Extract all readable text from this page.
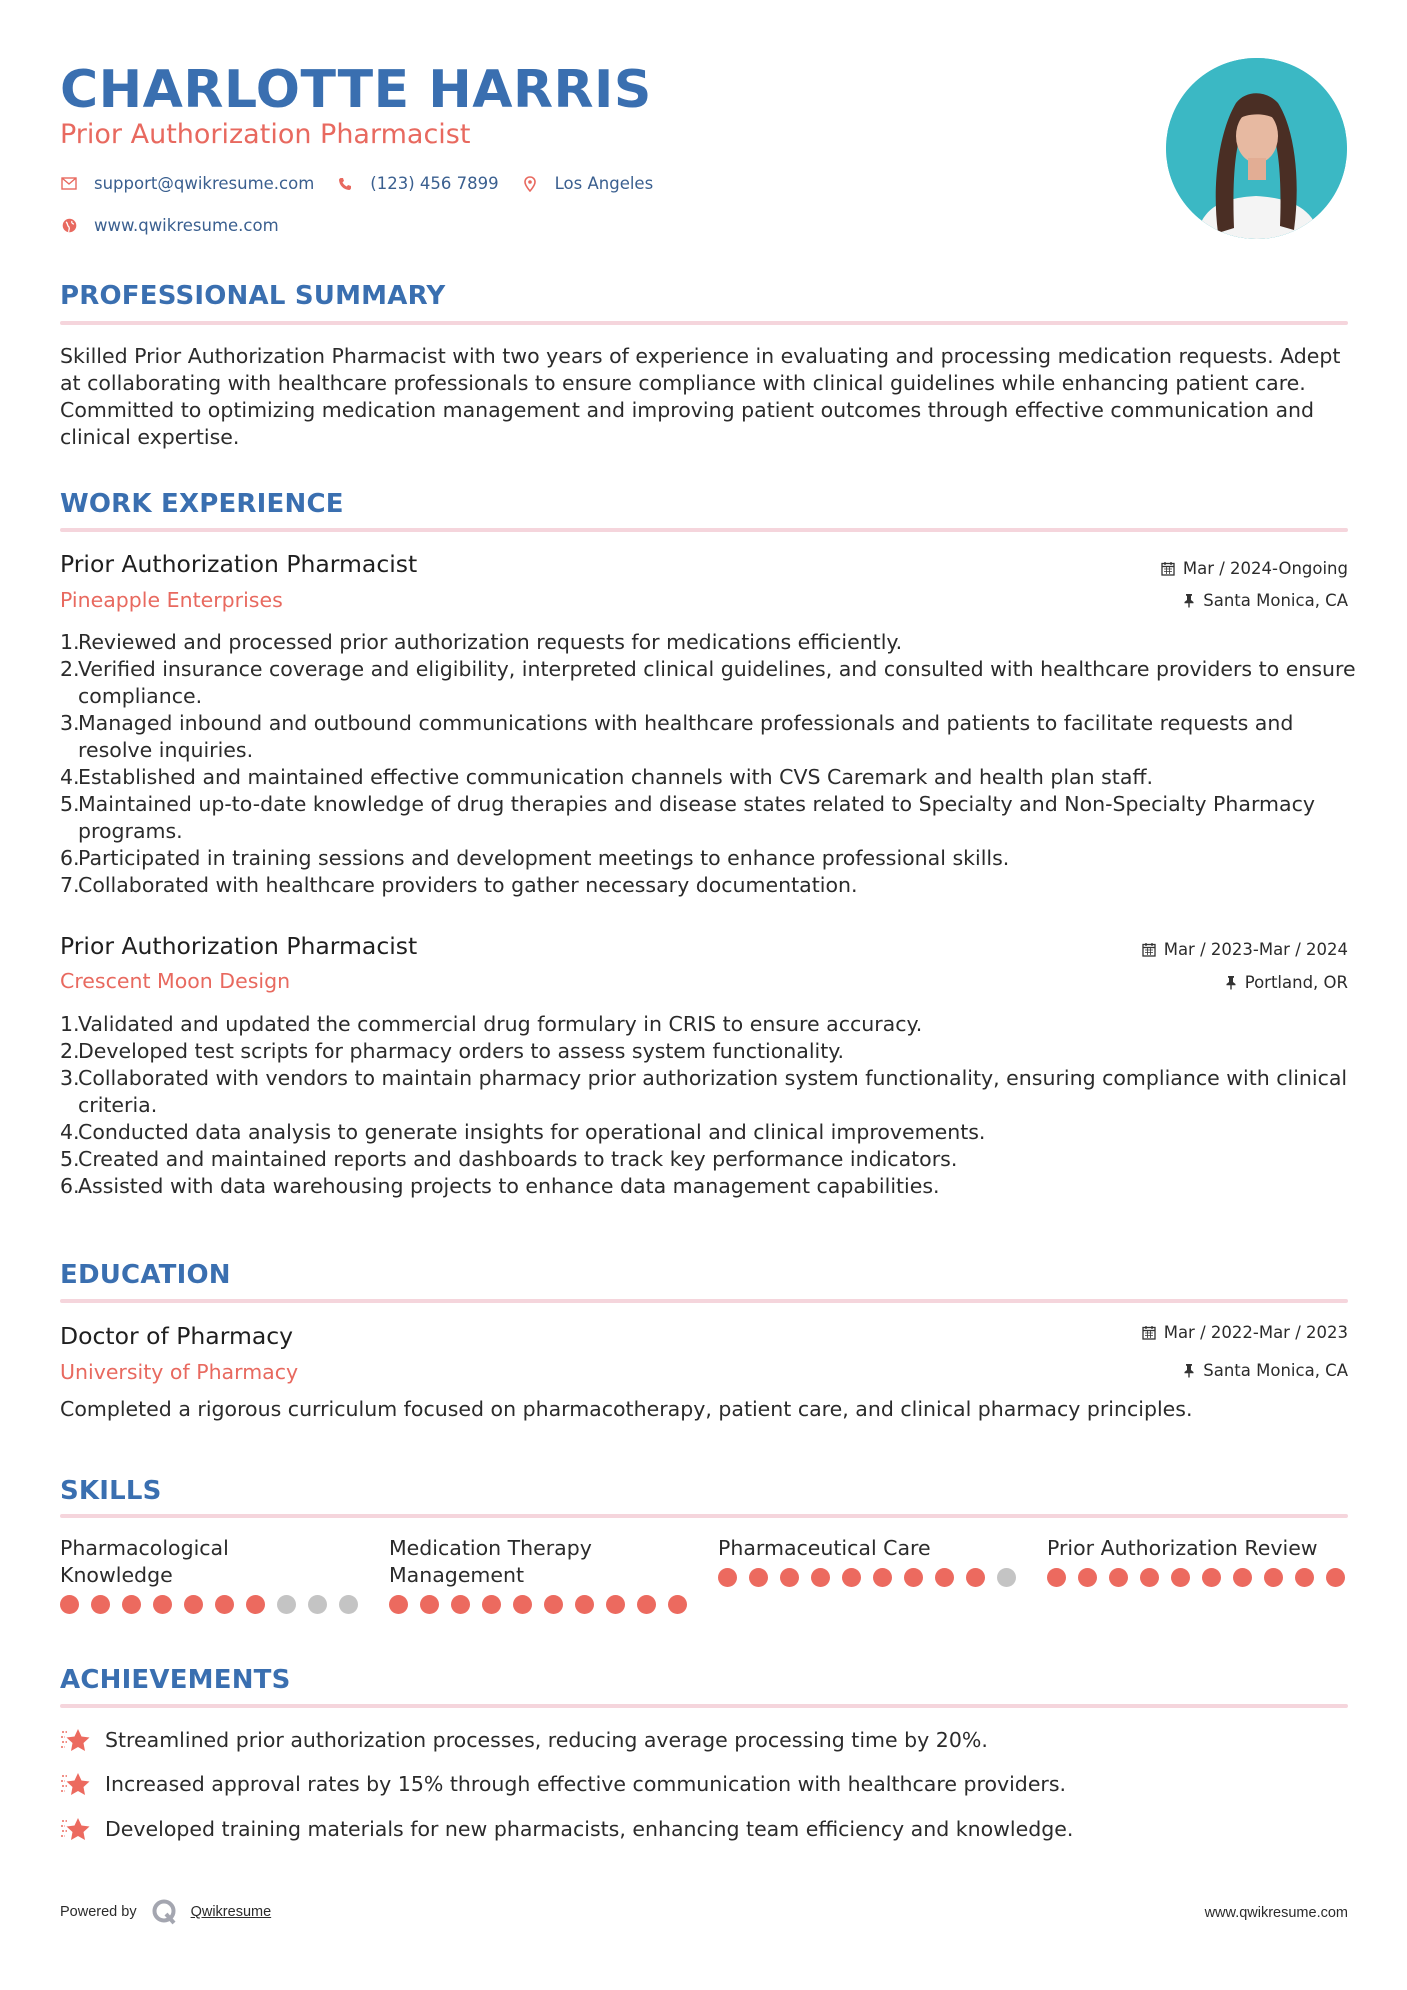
CHARLOTTE HARRIS
Prior Authorization Pharmacist
support@qwikresume.com	(123) 456 7899	Los Angeles
www.qwikresume.com
PROFESSIONAL SUMMARY
Skilled Prior Authorization Pharmacist with two years of experience in evaluating and processing medication requests. Adept at collaborating with healthcare professionals to ensure compliance with clinical guidelines while enhancing patient care. Committed to optimizing medication management and improving patient outcomes through effective communication and clinical expertise.
WORK EXPERIENCE
Prior Authorization Pharmacist
Pineapple Enterprises
Mar / 2024-Ongoing
Santa Monica, CA
1.
Reviewed and processed prior authorization requests for medications efficiently.
2.
Verified insurance coverage and eligibility, interpreted clinical guidelines, and consulted with healthcare providers to ensure compliance.
3.
Managed inbound and outbound communications with healthcare professionals and patients to facilitate requests and resolve inquiries.
4.
Established and maintained effective communication channels with CVS Caremark and health plan staff.
5.
Maintained up-to-date knowledge of drug therapies and disease states related to Specialty and Non-Specialty Pharmacy programs.
6.
Participated in training sessions and development meetings to enhance professional skills.
7.
Collaborated with healthcare providers to gather necessary documentation.
Prior Authorization Pharmacist
Crescent Moon Design
Mar / 2023-Mar / 2024
Portland, OR
1.
Validated and updated the commercial drug formulary in CRIS to ensure accuracy.
2.
Developed test scripts for pharmacy orders to assess system functionality.
3.
Collaborated with vendors to maintain pharmacy prior authorization system functionality, ensuring compliance with clinical criteria.
4.
Conducted data analysis to generate insights for operational and clinical improvements.
5.
Created and maintained reports and dashboards to track key performance indicators.
6.
Assisted with data warehousing projects to enhance data management capabilities.
EDUCATION
Doctor of Pharmacy
University of Pharmacy
Mar / 2022-Mar / 2023
Santa Monica, CA
Completed a rigorous curriculum focused on pharmacotherapy, patient care, and clinical pharmacy principles.
SKILLS
Pharmacological
Knowledge
Medication Therapy
Management
Pharmaceutical Care	Prior Authorization Review
ACHIEVEMENTS
Streamlined prior authorization processes, reducing average processing time by 20%.
Increased approval rates by 15% through effective communication with healthcare providers.
Developed training materials for new pharmacists, enhancing team efficiency and knowledge.
Powered by	Qwikresume	www.qwikresume.com
